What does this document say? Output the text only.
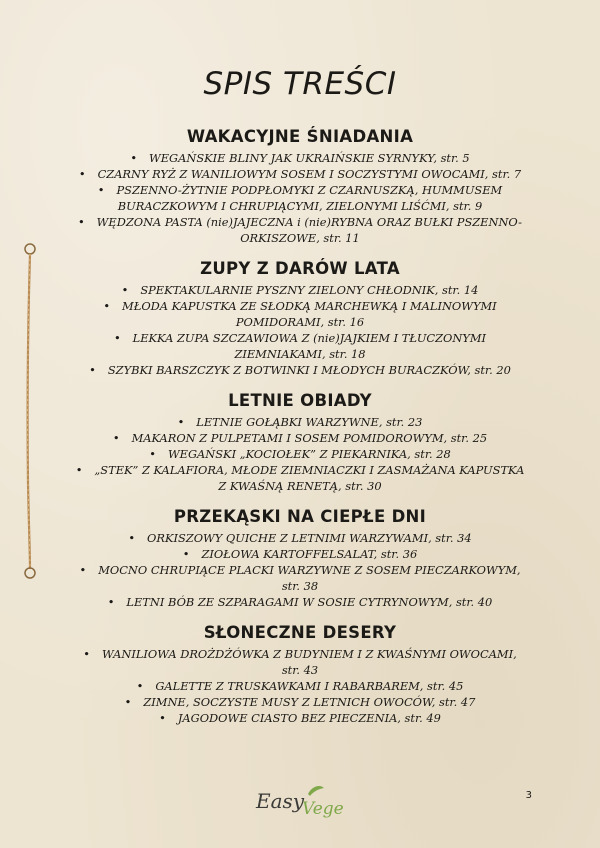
SPIS TREŚCI
WAKACYJNE ŚNIADANIA
• WEGAŃSKIE BLINY JAK UKRAIŃSKIE SYRNYKY, str. 5
• CZARNY RYŻ Z WANILIOWYM SOSEM I SOCZYSTYMI OWOCAMI, str. 7
• PSZENNO-ŻYTNIE PODPŁOMYKI Z CZARNUSZKĄ, HUMMUSEM
BURACZKOWYM I CHRUPIĄCYMI, ZIELONYMI LIŚĆMI, str. 9
• WĘDZONA PASTA (nie)JAJECZNA i (nie)RYBNA ORAZ BUŁKI PSZENNO-
ORKISZOWE, str. 11
ZUPY Z DARÓW LATA
• SPEKTAKULARNIE PYSZNY ZIELONY CHŁODNIK, str. 14
• MŁODA KAPUSTKA ZE SŁODKĄ MARCHEWKĄ I MALINOWYMI
POMIDORAMI, str. 16
• LEKKA ZUPA SZCZAWIOWA Z (nie)JAJKIEM I TŁUCZONYMI
ZIEMNIAKAMI, str. 18
• SZYBKI BARSZCZYK Z BOTWINKI I MŁODYCH BURACZKÓW, str. 20
LETNIE OBIADY
• LETNIE GOŁĄBKI WARZYWNE, str. 23
• MAKARON Z PULPETAMI I SOSEM POMIDOROWYM, str. 25
• WEGAŃSKI „KOCIOŁEK” Z PIEKARNIKA, str. 28
• „STEK” Z KALAFIORA, MŁODE ZIEMNIACZKI I ZASMAŻANA KAPUSTKA
Z KWAŚNĄ RENETĄ, str. 30
PRZEKĄSKI NA CIEPŁE DNI
• ORKISZOWY QUICHE Z LETNIMI WARZYWAMI, str. 34
• ZIOŁOWA KARTOFFELSALAT, str. 36
• MOCNO CHRUPIĄCE PLACKI WARZYWNE Z SOSEM PIECZARKOWYM,
str. 38
• LETNI BÓB ZE SZPARAGAMI W SOSIE CYTRYNOWYM, str. 40
SŁONECZNE DESERY
• WANILIOWA DROŻDŻÓWKA Z BUDYNIEM I Z KWAŚNYMI OWOCAMI,
str. 43
• GALETTE Z TRUSKAWKAMI I RABARBAREM, str. 45
• ZIMNE, SOCZYSTE MUSY Z LETNICH OWOCÓW, str. 47
• JAGODOWE CIASTO BEZ PIECZENIA, str. 49
Easy
Vege
3
